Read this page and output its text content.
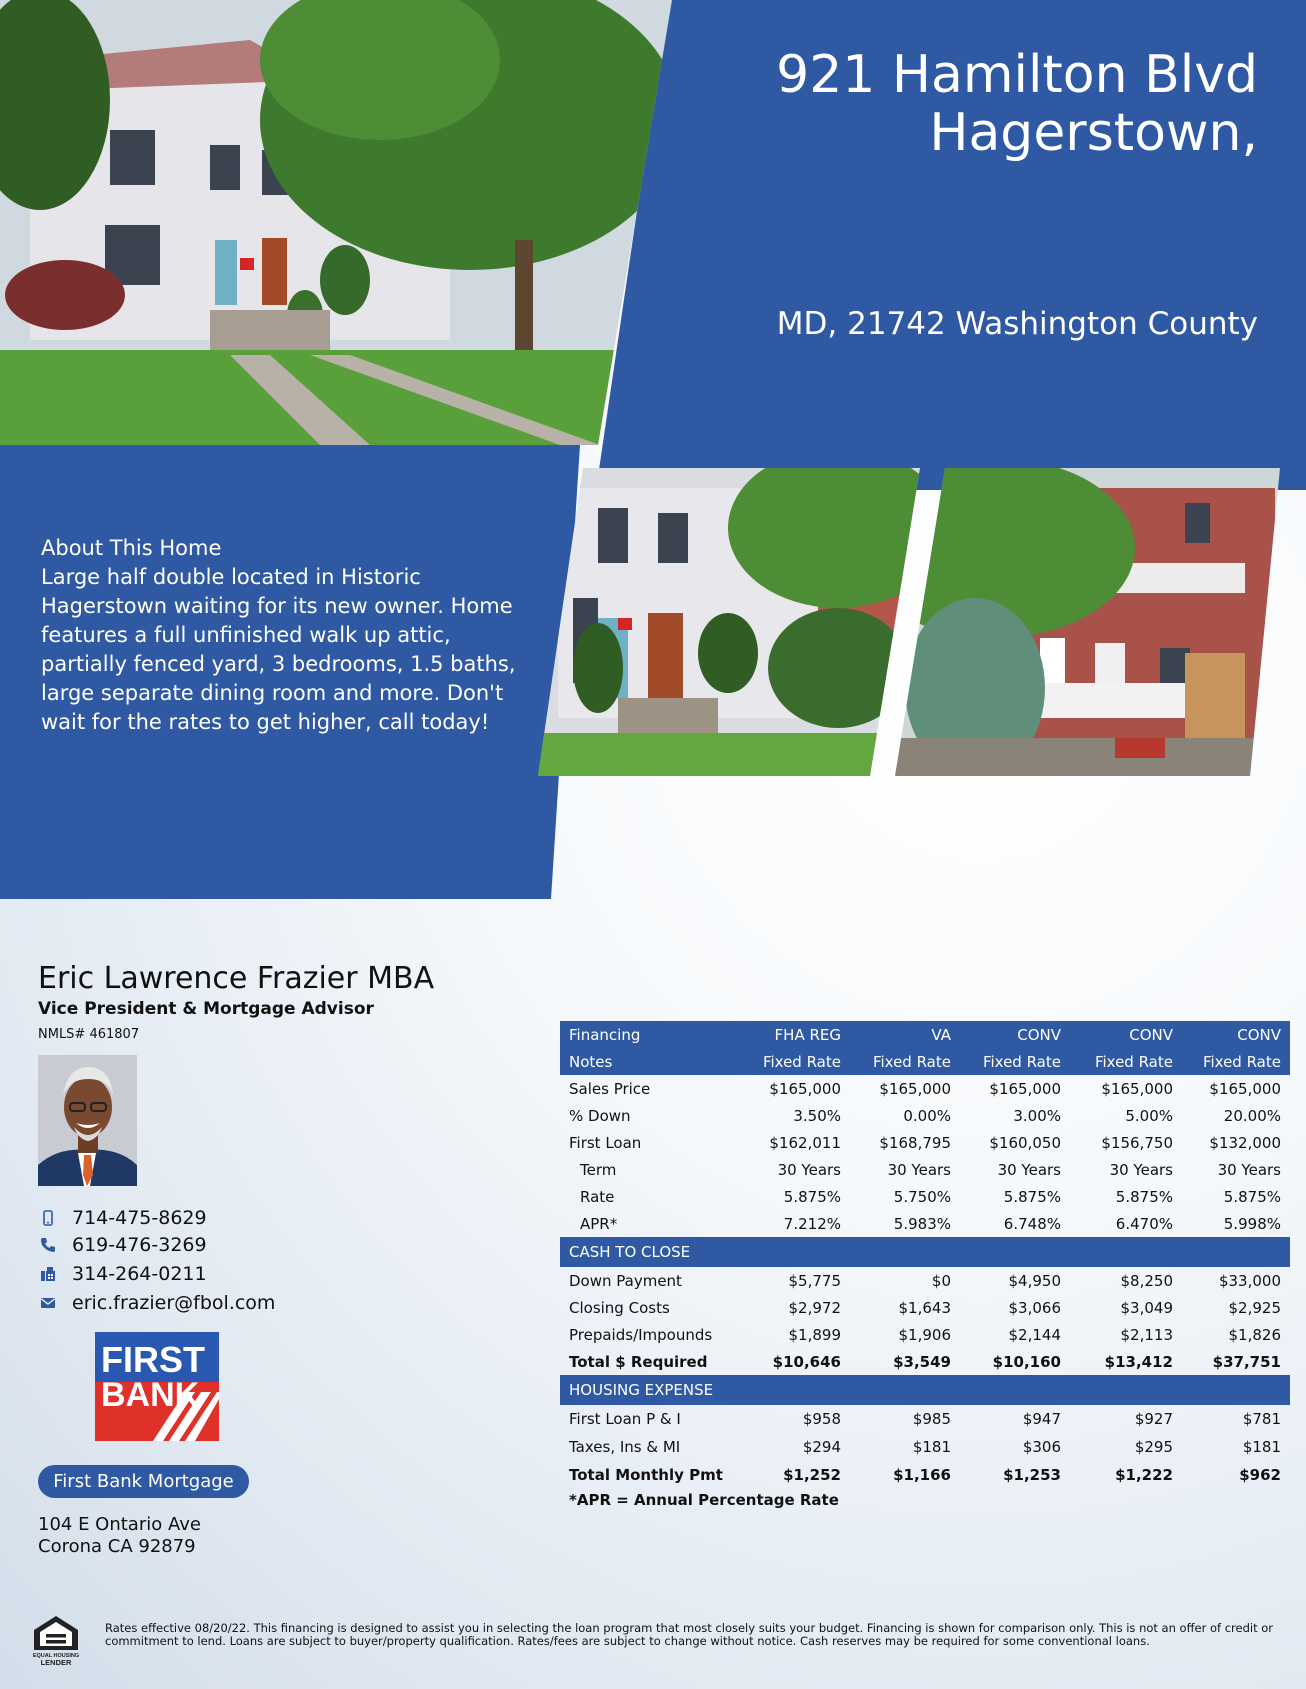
921 Hamilton Blvd
Hagerstown,
MD, 21742 Washington County
About This Home
Large half double located in Historic Hagerstown waiting for its new owner. Home features a full unfinished walk up attic, partially fenced yard, 3 bedrooms, 1.5 baths, large separate dining room and more. Don't wait for the rates to get higher, call today!
Eric Lawrence Frazier MBA
Vice President & Mortgage Advisor
NMLS# 461807
714-475-8629
619-476-3269
314-264-0211
eric.frazier@fbol.com
FIRST
BANK
First Bank Mortgage
104 E Ontario Ave
Corona CA 92879
Financing	FHA REG	VA	CONV	CONV	CONV
Notes	Fixed Rate	Fixed Rate	Fixed Rate	Fixed Rate	Fixed Rate
Sales Price	$165,000	$165,000	$165,000	$165,000	$165,000
% Down	3.50%	0.00%	3.00%	5.00%	20.00%
First Loan	$162,011	$168,795	$160,050	$156,750	$132,000
Term	30 Years	30 Years	30 Years	30 Years	30 Years
Rate	5.875%	5.750%	5.875%	5.875%	5.875%
APR*	7.212%	5.983%	6.748%	6.470%	5.998%
CASH TO CLOSE					
Down Payment	$5,775	$0	$4,950	$8,250	$33,000
Closing Costs	$2,972	$1,643	$3,066	$3,049	$2,925
Prepaids/Impounds	$1,899	$1,906	$2,144	$2,113	$1,826
Total $ Required	$10,646	$3,549	$10,160	$13,412	$37,751
HOUSING EXPENSE					
First Loan P & I	$958	$985	$947	$927	$781
Taxes, Ins & MI	$294	$181	$306	$295	$181
Total Monthly Pmt	$1,252	$1,166	$1,253	$1,222	$962
*APR = Annual Percentage Rate					
EQUAL HOUSING
LENDER
Rates effective 08/20/22. This financing is designed to assist you in selecting the loan program that most closely suits your budget. Financing is shown for comparison only. This is not an offer of credit or commitment to lend. Loans are subject to buyer/property qualification. Rates/fees are subject to change without notice. Cash reserves may be required for some conventional loans.
